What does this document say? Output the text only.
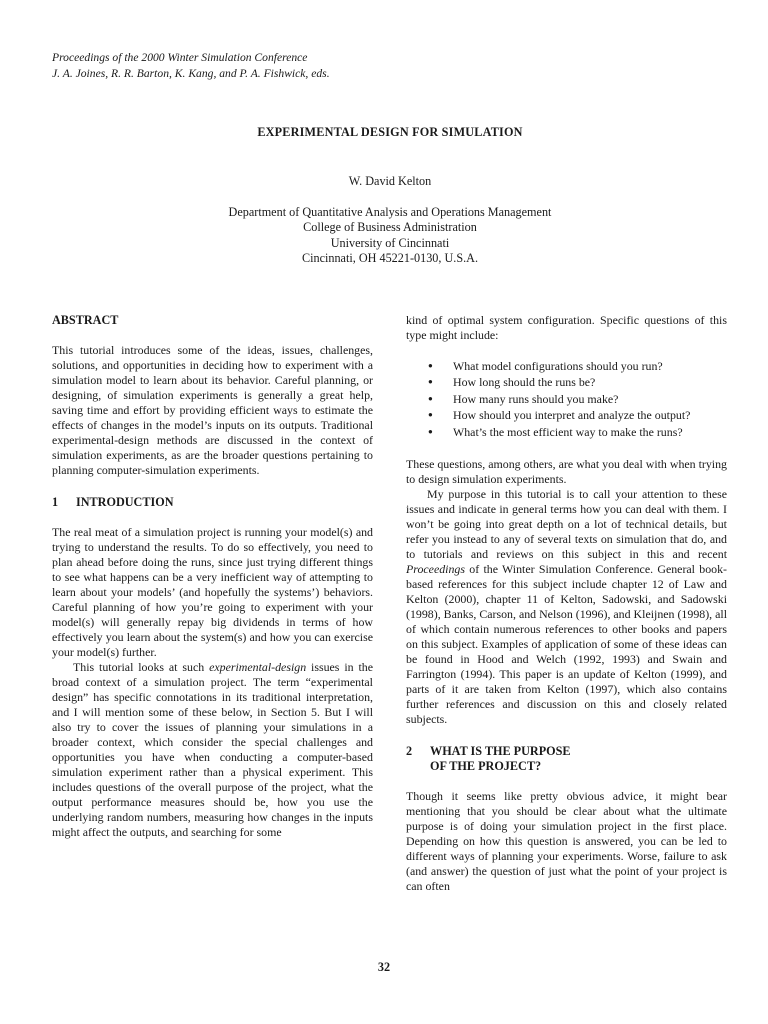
Proceedings of the 2000 Winter Simulation Conference
J. A. Joines, R. R. Barton, K. Kang, and P. A. Fishwick, eds.
EXPERIMENTAL DESIGN FOR SIMULATION
W. David Kelton
Department of Quantitative Analysis and Operations Management
College of Business Administration
University of Cincinnati
Cincinnati, OH 45221-0130, U.S.A.
ABSTRACT

This tutorial introduces some of the ideas, issues, challenges, solutions, and opportunities in deciding how to experiment with a simulation model to learn about its behavior. Careful planning, or designing, of simulation experiments is generally a great help, saving time and effort by providing efficient ways to estimate the effects of changes in the model’s inputs on its outputs. Traditional experimental-design methods are discussed in the context of simulation experiments, as are the broader questions pertaining to planning computer-simulation experiments.

1	INTRODUCTION

The real meat of a simulation project is running your model(s) and trying to understand the results. To do so effectively, you need to plan ahead before doing the runs, since just trying different things to see what happens can be a very inefficient way of attempting to learn about your models’ (and hopefully the systems’) behaviors. Careful planning of how you’re going to experiment with your model(s) will generally repay big dividends in terms of how effectively you learn about the system(s) and how you can exercise your model(s) further.

This tutorial looks at such experimental-design issues in the broad context of a simulation project. The term “experimental design” has specific connotations in its traditional interpretation, and I will mention some of these below, in Section 5. But I will also try to cover the issues of planning your simulations in a broader context, which consider the special challenges and opportunities you have when conducting a computer-based simulation experiment rather than a physical experiment. This includes questions of the overall purpose of the project, what the output performance measures should be, how you use the underlying random numbers, measuring how changes in the inputs might affect the outputs, and searching for some

kind of optimal system configuration. Specific questions of this type might include:

● What model configurations should you run?
● How long should the runs be?
● How many runs should you make?
● How should you interpret and analyze the output?
● What’s the most efficient way to make the runs?

These questions, among others, are what you deal with when trying to design simulation experiments.

My purpose in this tutorial is to call your attention to these issues and indicate in general terms how you can deal with them. I won’t be going into great depth on a lot of technical details, but refer you instead to any of several texts on simulation that do, and to tutorials and reviews on this subject in this and recent Proceedings of the Winter Simulation Conference. General book-based references for this subject include chapter 12 of Law and Kelton (2000), chapter 11 of Kelton, Sadowski, and Sadowski (1998), Banks, Carson, and Nelson (1996), and Kleijnen (1998), all of which contain numerous references to other books and papers on this subject. Examples of application of some of these ideas can be found in Hood and Welch (1992, 1993) and Swain and Farrington (1994). This paper is an update of Kelton (1999), and parts of it are taken from Kelton (1997), which also contains further references and discussion on this and closely related subjects.

2	WHAT IS THE PURPOSE
OF THE PROJECT?

Though it seems like pretty obvious advice, it might bear mentioning that you should be clear about what the ultimate purpose is of doing your simulation project in the first place. Depending on how this question is answered, you can be led to different ways of planning your experiments. Worse, failure to ask (and answer) the question of just what the point of your project is can often

32
